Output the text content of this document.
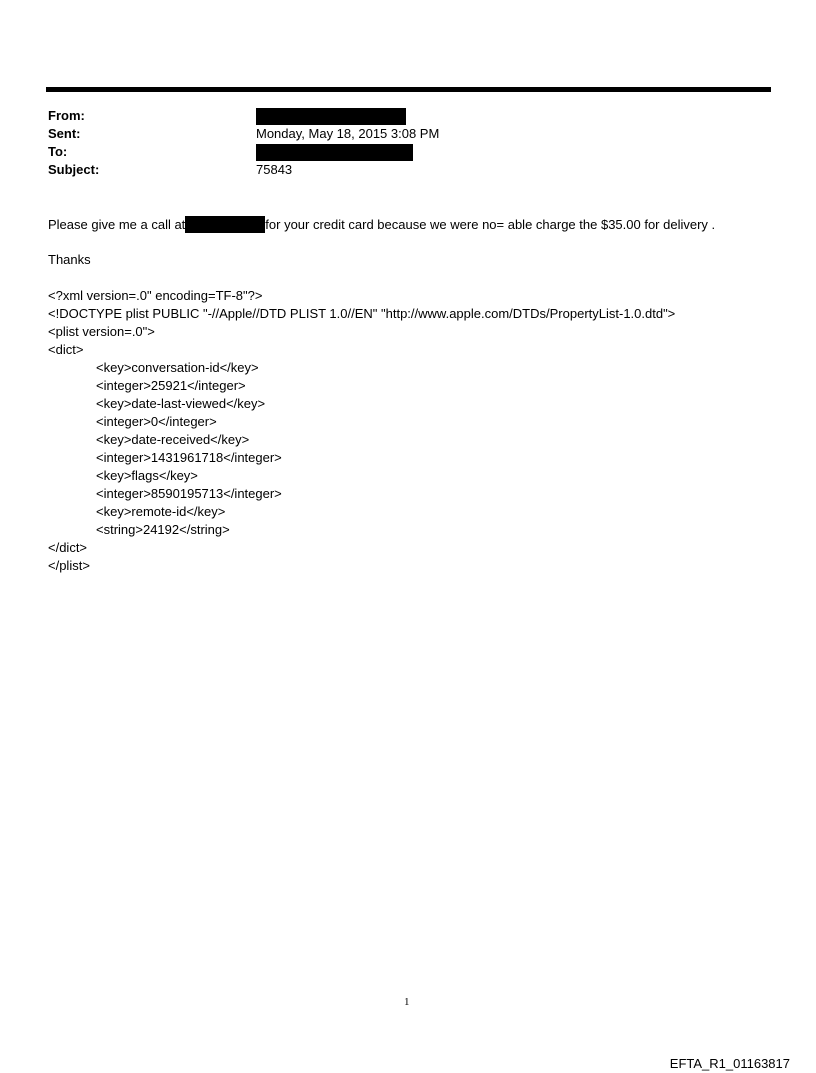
From:
Sent:	Monday, May 18, 2015 3:08 PM
To:
Subject:	75843
Please give me a call at	for your credit card because we were no= able charge the $35.00 for delivery .
Thanks
<?xml version=.0" encoding=TF-8"?>
<!DOCTYPE plist PUBLIC "-//Apple//DTD PLIST 1.0//EN" "http://www.apple.com/DTDs/PropertyList-1.0.dtd">
<plist version=.0">
<dict>
<key>conversation-id</key>
<integer>25921</integer>
<key>date-last-viewed</key>
<integer>0</integer>
<key>date-received</key>
<integer>1431961718</integer>
<key>flags</key>
<integer>8590195713</integer>
<key>remote-id</key>
<string>24192</string>
</dict>
</plist>
1
EFTA_R1_01163817
